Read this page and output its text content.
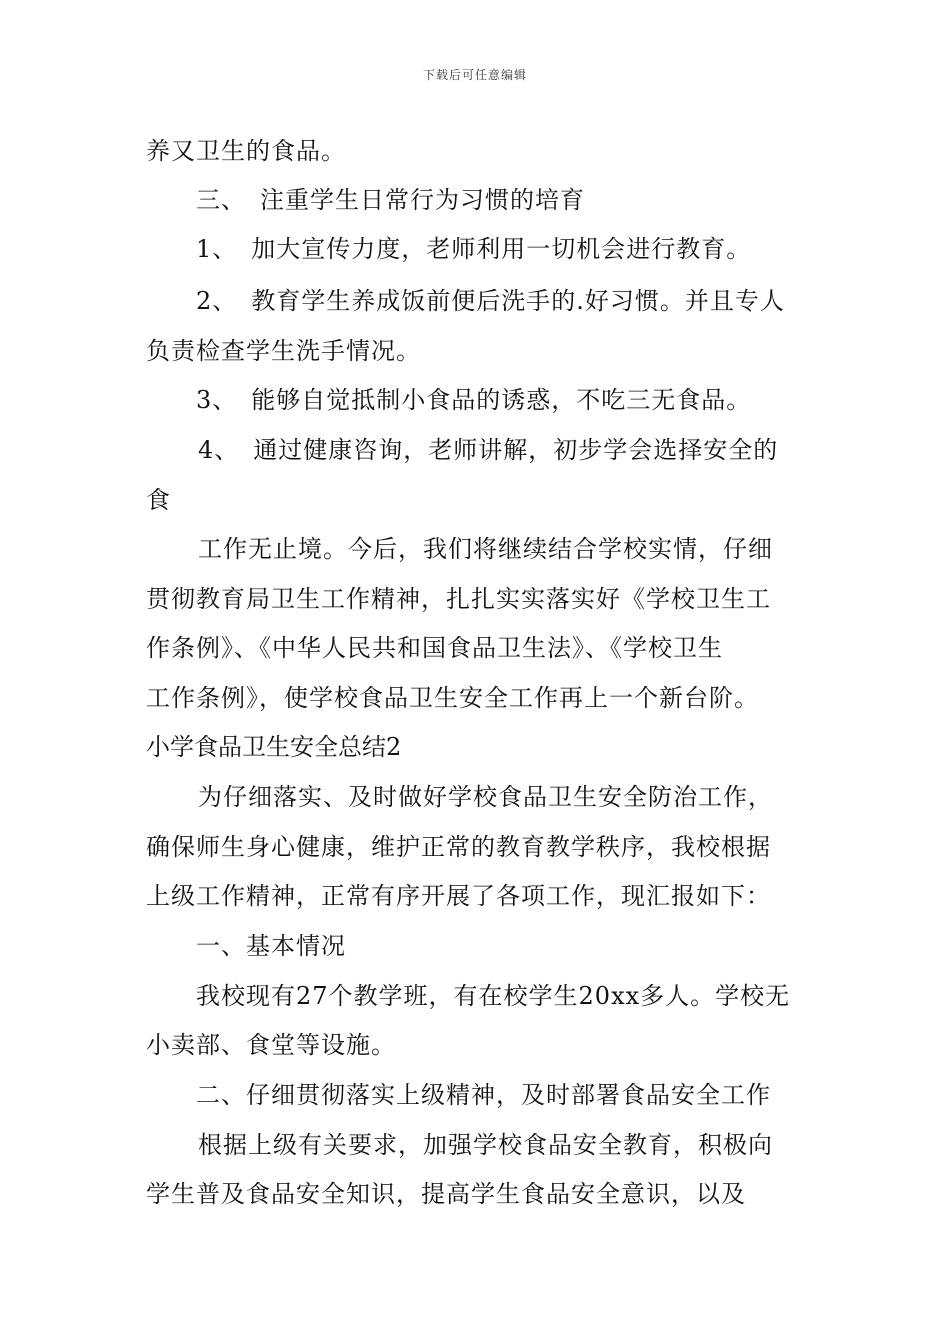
下载后可任意编辑
养又卫生的食品。
三、 注重学生日常行为习惯的培育
1、 加大宣传力度，老师利用一切机会进行教育。
2、 教育学生养成饭前便后洗手的.好习惯。并且专人
负责检查学生洗手情况。
3、 能够自觉抵制小食品的诱惑，不吃三无食品。
4、 通过健康咨询，老师讲解，初步学会选择安全的
食
工作无止境。今后，我们将继续结合学校实情，仔细
贯彻教育局卫生工作精神，扎扎实实落实好《学校卫生工
作条例》、《中华人民共和国食品卫生法》、《学校卫生
工作条例》，使学校食品卫生安全工作再上一个新台阶。
小学食品卫生安全总结2
为仔细落实、及时做好学校食品卫生安全防治工作，
确保师生身心健康，维护正常的教育教学秩序，我校根据
上级工作精神，正常有序开展了各项工作，现汇报如下：
一、基本情况
我校现有27个教学班，有在校学生20xx多人。学校无
小卖部、食堂等设施。
二、仔细贯彻落实上级精神，及时部署食品安全工作
根据上级有关要求，加强学校食品安全教育，积极向
学生普及食品安全知识，提高学生食品安全意识，以及
